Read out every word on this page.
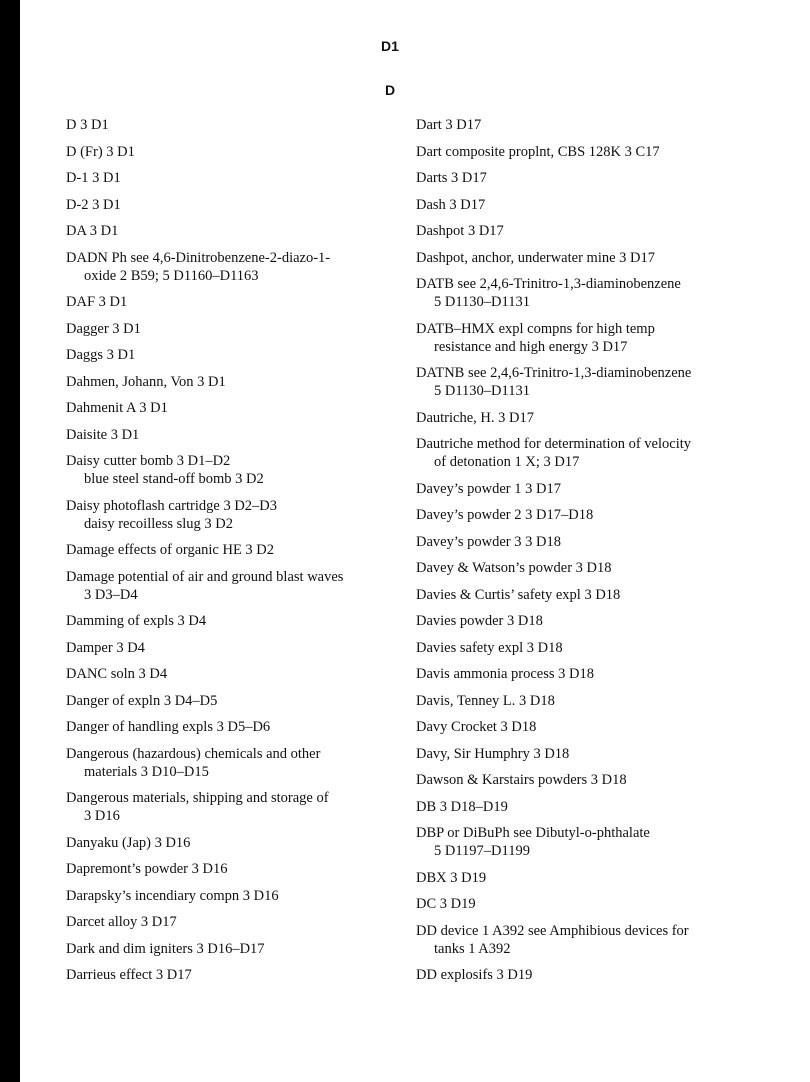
D1
D
D 3 D1
D (Fr) 3 D1
D-1 3 D1
D-2 3 D1
DA 3 D1
DADN Ph see 4,6-Dinitrobenzene-2-diazo-1-
oxide 2 B59; 5 D1160–D1163
DAF 3 D1
Dagger 3 D1
Daggs 3 D1
Dahmen, Johann, Von 3 D1
Dahmenit A 3 D1
Daisite 3 D1
Daisy cutter bomb 3 D1–D2
blue steel stand-off bomb 3 D2
Daisy photoflash cartridge 3 D2–D3
daisy recoilless slug 3 D2
Damage effects of organic HE 3 D2
Damage potential of air and ground blast waves
3 D3–D4
Damming of expls 3 D4
Damper 3 D4
DANC soln 3 D4
Danger of expln 3 D4–D5
Danger of handling expls 3 D5–D6
Dangerous (hazardous) chemicals and other
materials 3 D10–D15
Dangerous materials, shipping and storage of
3 D16
Danyaku (Jap) 3 D16
Dapremont’s powder 3 D16
Darapsky’s incendiary compn 3 D16
Darcet alloy 3 D17
Dark and dim igniters 3 D16–D17
Darrieus effect 3 D17
Dart 3 D17
Dart composite proplnt, CBS 128K 3 C17
Darts 3 D17
Dash 3 D17
Dashpot 3 D17
Dashpot, anchor, underwater mine 3 D17
DATB see 2,4,6-Trinitro-1,3-diaminobenzene
5 D1130–D1131
DATB–HMX expl compns for high temp
resistance and high energy 3 D17
DATNB see 2,4,6-Trinitro-1,3-diaminobenzene
5 D1130–D1131
Dautriche, H. 3 D17
Dautriche method for determination of velocity
of detonation 1 X; 3 D17
Davey’s powder 1 3 D17
Davey’s powder 2 3 D17–D18
Davey’s powder 3 3 D18
Davey & Watson’s powder 3 D18
Davies & Curtis’ safety expl 3 D18
Davies powder 3 D18
Davies safety expl 3 D18
Davis ammonia process 3 D18
Davis, Tenney L. 3 D18
Davy Crocket 3 D18
Davy, Sir Humphry 3 D18
Dawson & Karstairs powders 3 D18
DB 3 D18–D19
DBP or DiBuPh see Dibutyl-o-phthalate
5 D1197–D1199
DBX 3 D19
DC 3 D19
DD device 1 A392 see Amphibious devices for
tanks 1 A392
DD explosifs 3 D19
